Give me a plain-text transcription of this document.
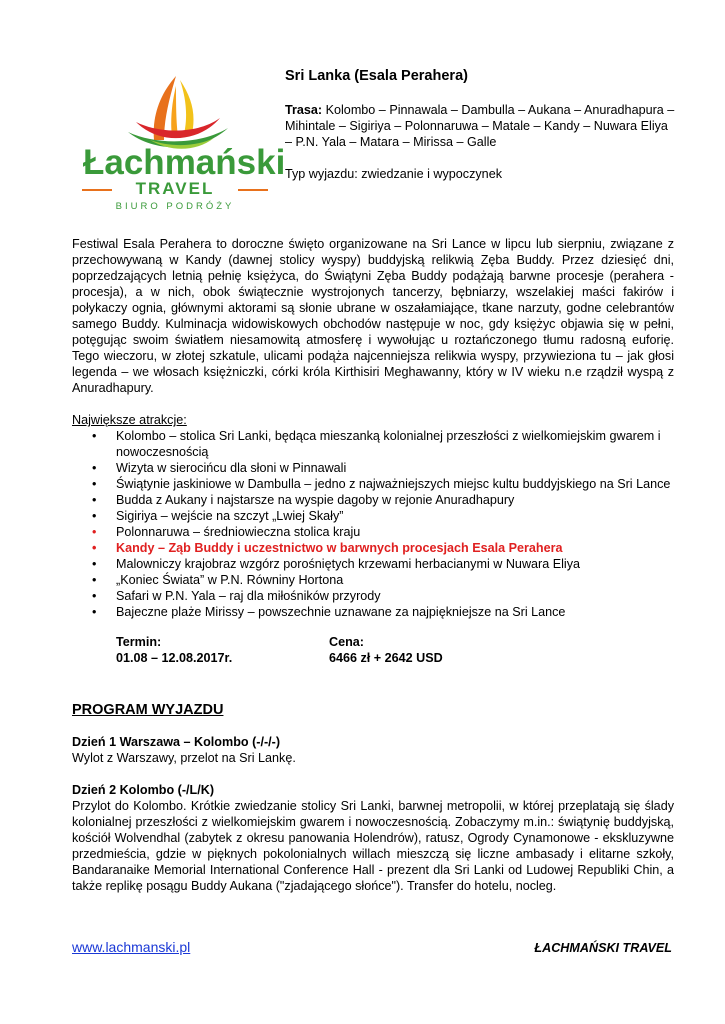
Łachmański
TRAVEL
BIURO PODRÓŻY
Sri Lanka (Esala Perahera)
Trasa: Kolombo – Pinnawala – Dambulla – Aukana – Anuradhapura – Mihintale – Sigiriya – Polonnaruwa – Matale – Kandy – Nuwara Eliya – P.N. Yala – Matara – Mirissa – Galle
Typ wyjazdu: zwiedzanie i wypoczynek

Festiwal Esala Perahera to doroczne święto organizowane na Sri Lance w lipcu lub sierpniu, związane z przechowywaną w Kandy (dawnej stolicy wyspy) buddyjską relikwią Zęba Buddy. Przez dziesięć dni, poprzedzających letnią pełnię księżyca, do Świątyni Zęba Buddy podążają barwne procesje (perahera - procesja), a w nich, obok świątecznie wystrojonych tancerzy, bębniarzy, wszelakiej maści fakirów i połykaczy ognia, głównymi aktorami są słonie ubrane w oszałamiające, tkane narzuty, godne celebrantów samego Buddy. Kulminacja widowiskowych obchodów następuje w noc, gdy księżyc objawia się w pełni, potęgując swoim światłem niesamowitą atmosferę i wywołując u roztańczonego tłumu radosną euforię. Tego wieczoru, w złotej szkatule, ulicami podąża najcenniejsza relikwia wyspy, przywieziona tu – jak głosi legenda – we włosach księżniczki, córki króla Kirthisiri Meghawanny, który w IV wieku n.e rządził wyspą z Anuradhapury.

Największe atrakcje:

• Kolombo – stolica Sri Lanki, będąca mieszanką kolonialnej przeszłości z wielkomiejskim gwarem i nowoczesnością
• Wizyta w sierocińcu dla słoni w Pinnawali
• Świątynie jaskiniowe w Dambulla – jedno z najważniejszych miejsc kultu buddyjskiego na Sri Lance
• Budda z Aukany i najstarsze na wyspie dagoby w rejonie Anuradhapury
• Sigiriya – wejście na szczyt „Lwiej Skały”
• Polonnaruwa – średniowieczna stolica kraju
• Kandy – Ząb Buddy i uczestnictwo w barwnych procesjach Esala Perahera
• Malowniczy krajobraz wzgórz porośniętych krzewami herbacianymi w Nuwara Eliya
• „Koniec Świata” w P.N. Równiny Hortona
• Safari w P.N. Yala – raj dla miłośników przyrody
• Bajeczne plaże Mirissy – powszechnie uznawane za najpiękniejsze na Sri Lance
Termin:
01.08 – 12.08.2017r.
Cena:
6466 zł + 2642 USD
PROGRAM WYJAZDU

Dzień 1 Warszawa – Kolombo (-/-/-)

Wylot z Warszawy, przelot na Sri Lankę.

Dzień 2 Kolombo (-/L/K)

Przylot do Kolombo. Krótkie zwiedzanie stolicy Sri Lanki, barwnej metropolii, w której przeplatają się ślady kolonialnej przeszłości z wielkomiejskim gwarem i nowoczesnością. Zobaczymy m.in.: świątynię buddyjską, kościół Wolvendhal (zabytek z okresu panowania Holendrów), ratusz, Ogrody Cynamonowe - ekskluzywne przedmieścia, gdzie w pięknych pokolonialnych willach mieszczą się liczne ambasady i elitarne szkoły, Bandaranaike Memorial International Conference Hall - prezent dla Sri Lanki od Ludowej Republiki Chin, a także replikę posągu Buddy Aukana ("zjadającego słońce"). Transfer do hotelu, nocleg.

www.lachmanski.pl	ŁACHMAŃSKI TRAVEL
